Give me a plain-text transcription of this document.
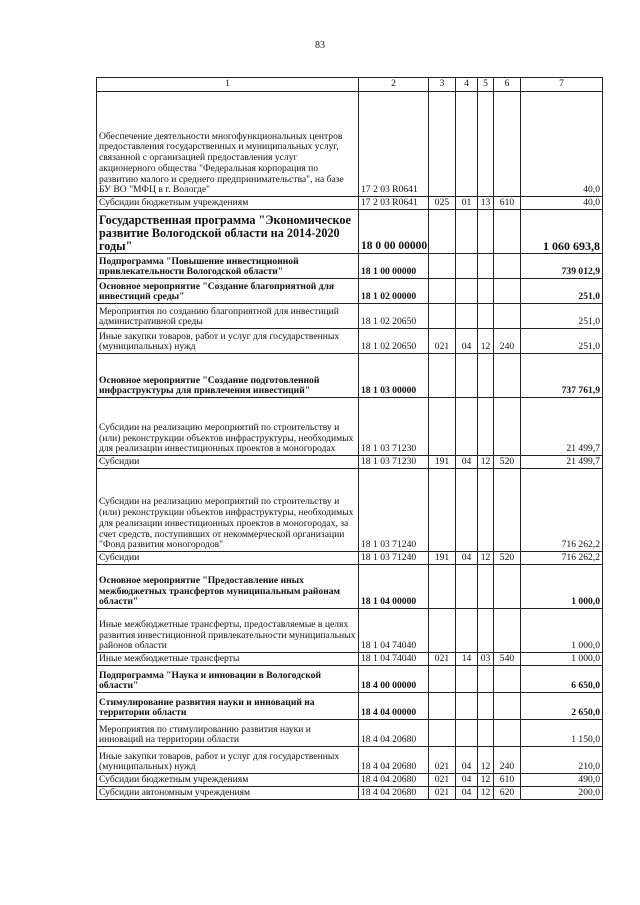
83
1	2	3	4	5	6	7
Обеспечение деятельности многофункциональных центров предоставления государственных и муниципальных услуг, связанной с организацией предоставления услуг акционерного общества "Федеральная корпорация по развитию малого и среднего предпринимательства", на базе БУ ВО "МФЦ в г. Вологде"	17 2 03 R0641					40,0
Субсидии бюджетным учреждениям	17 2 03 R0641	025	01	13	610	40,0
Государственная программа "Экономическое развитие Вологодской области на 2014-2020 годы"	18 0 00 00000					1 060 693,8
Подпрограмма "Повышение инвестиционной привлекательности Вологодской области"	18 1 00 00000					739 012,9
Основное мероприятие "Создание благоприятной для инвестиций среды"	18 1 02 00000					251,0
Мероприятия по созданию благоприятной для инвестиций административной среды	18 1 02 20650					251,0
Иные закупки товаров, работ и услуг для государственных (муниципальных) нужд	18 1 02 20650	021	04	12	240	251,0
Основное мероприятие "Создание подготовленной инфраструктуры для привлечения инвестиций"	18 1 03 00000					737 761,9
Субсидии на реализацию мероприятий по строительству и (или) реконструкции объектов инфраструктуры, необходимых для реализации инвестиционных проектов в моногородах	18 1 03 71230					21 499,7
Субсидии	18 1 03 71230	191	04	12	520	21 499,7
Субсидии на реализацию мероприятий по строительству и (или) реконструкции объектов инфраструктуры, необходимых для реализации инвестиционных проектов в моногородах, за счет средств, поступивших от некоммерческой организации "Фонд развития моногородов"	18 1 03 71240					716 262,2
Субсидии	18 1 03 71240	191	04	12	520	716 262,2
Основное мероприятие "Предоставление иных межбюджетных трансфертов муниципальным районам области"	18 1 04 00000					1 000,0
Иные межбюджетные трансферты, предоставляемые в целях развития инвестиционной привлекательности муниципальных районов области	18 1 04 74040					1 000,0
Иные межбюджетные трансферты	18 1 04 74040	021	14	03	540	1 000,0
Подпрограмма "Наука и инновации в Вологодской области"	18 4 00 00000					6 650,0
Стимулирование развития науки и инноваций на территории области	18 4 04 00000					2 650,0
Мероприятия по стимулированию развития науки и инноваций на территории области	18 4 04 20680					1 150,0
Иные закупки товаров, работ и услуг для государственных (муниципальных) нужд	18 4 04 20680	021	04	12	240	210,0
Субсидии бюджетным учреждениям	18 4 04 20680	021	04	12	610	490,0
Субсидии автономным учреждениям	18 4 04 20680	021	04	12	620	200,0
